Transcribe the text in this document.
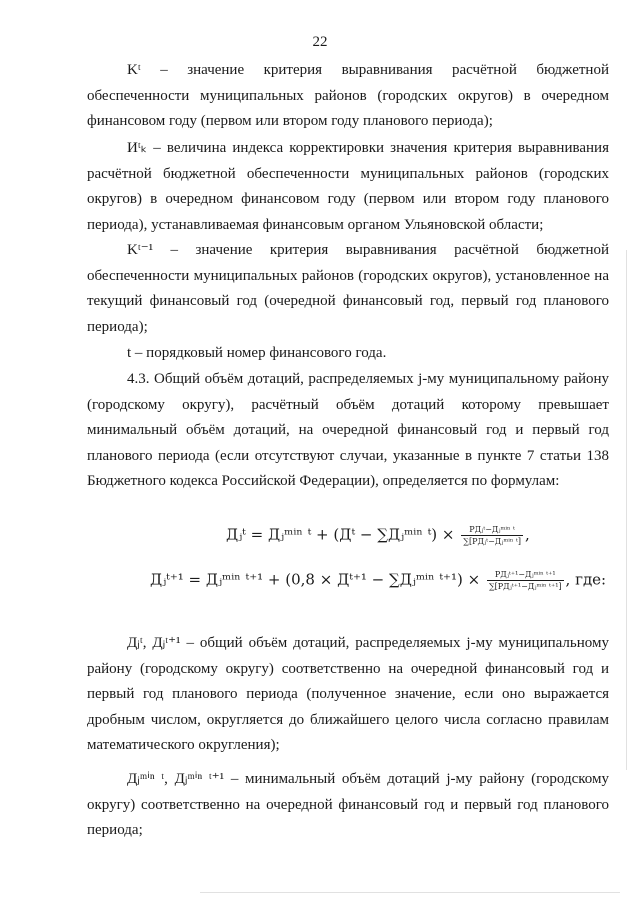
22

Kᵗ – значение критерия выравнивания расчётной бюджетной обеспеченности муниципальных районов (городских округов) в очередном финансовом году (первом или втором году планового периода);

Иᵗₖ – величина индекса корректировки значения критерия выравнивания расчётной бюджетной обеспеченности муниципальных районов (городских округов) в очередном финансовом году (первом или втором году планового периода), устанавливаемая финансовым органом Ульяновской области;

Kᵗ⁻¹ – значение критерия выравнивания расчётной бюджетной обеспеченности муниципальных районов (городских округов), установленное на текущий финансовый год (очередной финансовый год, первый год планового периода);

t – порядковый номер финансового года.

4.3. Общий объём дотаций, распределяемых j-му муниципальному району (городскому округу), расчётный объём дотаций которому превышает минимальный объём дотаций, на очередной финансовый год и первый год планового периода (если отсутствуют случаи, указанные в пункте 7 статьи 138 Бюджетного кодекса Российской Федерации), определяется по формулам:

Дⱼᵗ = Дⱼᵐⁱⁿ ᵗ + (Дᵗ − ∑Дⱼᵐⁱⁿ ᵗ) × $\frac{\text{РДⱼᵗ−Дⱼᵐⁱⁿ ᵗ}}{\text{∑[РДⱼᵗ−Дⱼᵐⁱⁿ ᵗ]}}$ ,
Дⱼᵗ⁺¹ = Дⱼᵐⁱⁿ ᵗ⁺¹ + (0,8 × Дᵗ⁺¹ − ∑Дⱼᵐⁱⁿ ᵗ⁺¹) × $\frac{\text{РДⱼᵗ⁺¹−Дⱼᵐⁱⁿ ᵗ⁺¹}}{\text{∑[РДⱼᵗ⁺¹−Дⱼᵐⁱⁿ ᵗ⁺¹]}}$ , где:

Дⱼᵗ, Дⱼᵗ⁺¹ – общий объём дотаций, распределяемых j-му муниципальному району (городскому округу) соответственно на очередной финансовый год и первый год планового периода (полученное значение, если оно выражается дробным числом, округляется до ближайшего целого числа согласно правилам математического округления);

Дⱼᵐⁱⁿ ᵗ, Дⱼᵐⁱⁿ ᵗ⁺¹ – минимальный объём дотаций j-му району (городскому округу) соответственно на очередной финансовый год и первый год планового периода;
